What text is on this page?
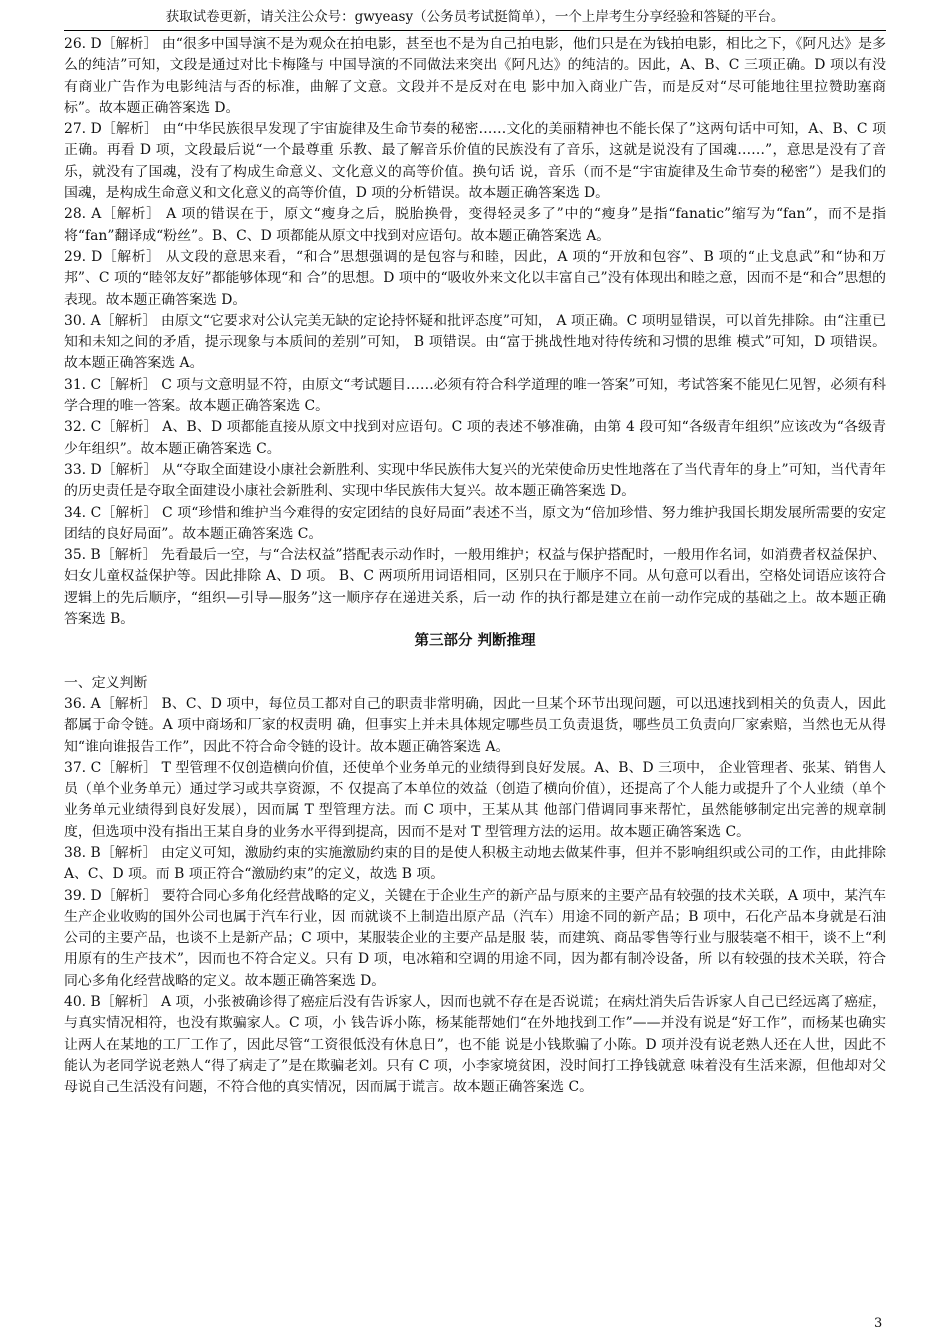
获取试卷更新，请关注公众号：gwyeasy（公务员考试挺简单），一个上岸考生分享经验和答疑的平台。

26. D［解析］ 由“很多中国导演不是为观众在拍电影，甚至也不是为自己拍电影，他们只是在为钱拍电影，相比之下，《阿凡达》是多么的纯洁”可知，文段是通过对比卡梅隆与 中国导演的不同做法来突出《阿凡达》的纯洁的。因此，A、B、C 三项正确。D 项以有没有商业广告作为电影纯洁与否的标准，曲解了文意。文段并不是反对在电 影中加入商业广告，而是反对“尽可能地往里拉赞助塞商标”。故本题正确答案选 D。

27. D［解析］ 由“中华民族很早发现了宇宙旋律及生命节奏的秘密……文化的美丽精神也不能长保了”这两句话中可知，A、B、C 项正确。再看 D 项，文段最后说“一个最尊重 乐教、最了解音乐价值的民族没有了音乐，这就是说没有了国魂……”，意思是没有了音乐，就没有了国魂，没有了构成生命意义、文化意义的高等价值。换句话 说，音乐（而不是“宇宙旋律及生命节奏的秘密”）是我们的国魂，是构成生命意义和文化意义的高等价值，D 项的分析错误。故本题正确答案选 D。

28. A［解析］ A 项的错误在于，原文“瘦身之后，脱胎换骨，变得轻灵多了”中的“瘦身”是指“fanatic”缩写为“fan”，而不是指将“fan”翻译成“粉丝”。B、C、D 项都能从原文中找到对应语句。故本题正确答案选 A。

29. D［解析］ 从文段的意思来看，“和合”思想强调的是包容与和睦，因此，A 项的“开放和包容”、B 项的“止戈息武”和“协和万邦”、C 项的“睦邻友好”都能够体现“和 合”的思想。D 项中的“吸收外来文化以丰富自己”没有体现出和睦之意，因而不是“和合”思想的表现。故本题正确答案选 D。

30. A［解析］ 由原文“它要求对公认完美无缺的定论持怀疑和批评态度”可知， A 项正确。C 项明显错误，可以首先排除。由“注重已知和未知之间的矛盾，提示现象与本质间的差别”可知， B 项错误。由“富于挑战性地对待传统和习惯的思维 模式”可知，D 项错误。故本题正确答案选 A。

31. C［解析］ C 项与文意明显不符，由原文“考试题目……必须有符合科学道理的唯一答案”可知，考试答案不能见仁见智，必须有科学合理的唯一答案。故本题正确答案选 C。

32. C［解析］ A、B、D 项都能直接从原文中找到对应语句。C 项的表述不够准确，由第 4 段可知“各级青年组织”应该改为“各级青少年组织”。故本题正确答案选 C。

33. D［解析］ 从“夺取全面建设小康社会新胜利、实现中华民族伟大复兴的光荣使命历史性地落在了当代青年的身上”可知，当代青年的历史责任是夺取全面建设小康社会新胜利、实现中华民族伟大复兴。故本题正确答案选 D。

34. C［解析］ C 项“珍惜和维护当今难得的安定团结的良好局面”表述不当，原文为“倍加珍惜、努力维护我国长期发展所需要的安定团结的良好局面”。故本题正确答案选 C。

35. B［解析］ 先看最后一空，与“合法权益”搭配表示动作时，一般用维护；权益与保护搭配时，一般用作名词，如消费者权益保护、妇女儿童权益保护等。因此排除 A、D 项。 B、C 两项所用词语相同，区别只在于顺序不同。从句意可以看出，空格处词语应该符合逻辑上的先后顺序，“组织—引导—服务”这一顺序存在递进关系，后一动 作的执行都是建立在前一动作完成的基础之上。故本题正确答案选 B。

第三部分 判断推理

一、定义判断

36. A［解析］ B、C、D 项中，每位员工都对自己的职责非常明确，因此一旦某个环节出现问题，可以迅速找到相关的负责人，因此都属于命令链。A 项中商场和厂家的权责明 确，但事实上并未具体规定哪些员工负责退货，哪些员工负责向厂家索赔，当然也无从得知“谁向谁报告工作”，因此不符合命令链的设计。故本题正确答案选 A。

37. C［解析］ T 型管理不仅创造横向价值，还使单个业务单元的业绩得到良好发展。A、B、D 三项中， 企业管理者、张某、销售人员（单个业务单元）通过学习或共享资源，不 仅提高了本单位的效益（创造了横向价值），还提高了个人能力或提升了个人业绩（单个业务单元业绩得到良好发展），因而属 T 型管理方法。而 C 项中，王某从其 他部门借调同事来帮忙，虽然能够制定出完善的规章制度，但选项中没有指出王某自身的业务水平得到提高，因而不是对 T 型管理方法的运用。故本题正确答案选 C。

38. B［解析］ 由定义可知，激励约束的实施激励约束的目的是使人积极主动地去做某件事，但并不影响组织或公司的工作，由此排除 A、C、D 项。而 B 项正符合“激励约束”的定义，故选 B 项。

39. D［解析］ 要符合同心多角化经营战略的定义，关键在于企业生产的新产品与原来的主要产品有较强的技术关联，A 项中，某汽车生产企业收购的国外公司也属于汽车行业，因 而就谈不上制造出原产品（汽车）用途不同的新产品；B 项中，石化产品本身就是石油公司的主要产品，也谈不上是新产品；C 项中，某服装企业的主要产品是服 装，而建筑、商品零售等行业与服装毫不相干，谈不上“利用原有的生产技术”，因而也不符合定义。只有 D 项，电冰箱和空调的用途不同，因为都有制冷设备，所 以有较强的技术关联，符合同心多角化经营战略的定义。故本题正确答案选 D。

40. B［解析］ A 项，小张被确诊得了癌症后没有告诉家人，因而也就不存在是否说谎；在病灶消失后告诉家人自己已经远离了癌症，与真实情况相符，也没有欺骗家人。C 项，小 钱告诉小陈，杨某能帮她们“在外地找到工作”——并没有说是“好工作”，而杨某也确实让两人在某地的工厂工作了，因此尽管“工资很低没有休息日”，也不能 说是小钱欺骗了小陈。D 项并没有说老熟人还在人世，因此不能认为老同学说老熟人“得了病走了”是在欺骗老刘。只有 C 项，小李家境贫困，没时间打工挣钱就意 味着没有生活来源，但他却对父母说自己生活没有问题，不符合他的真实情况，因而属于谎言。故本题正确答案选 C。

3
